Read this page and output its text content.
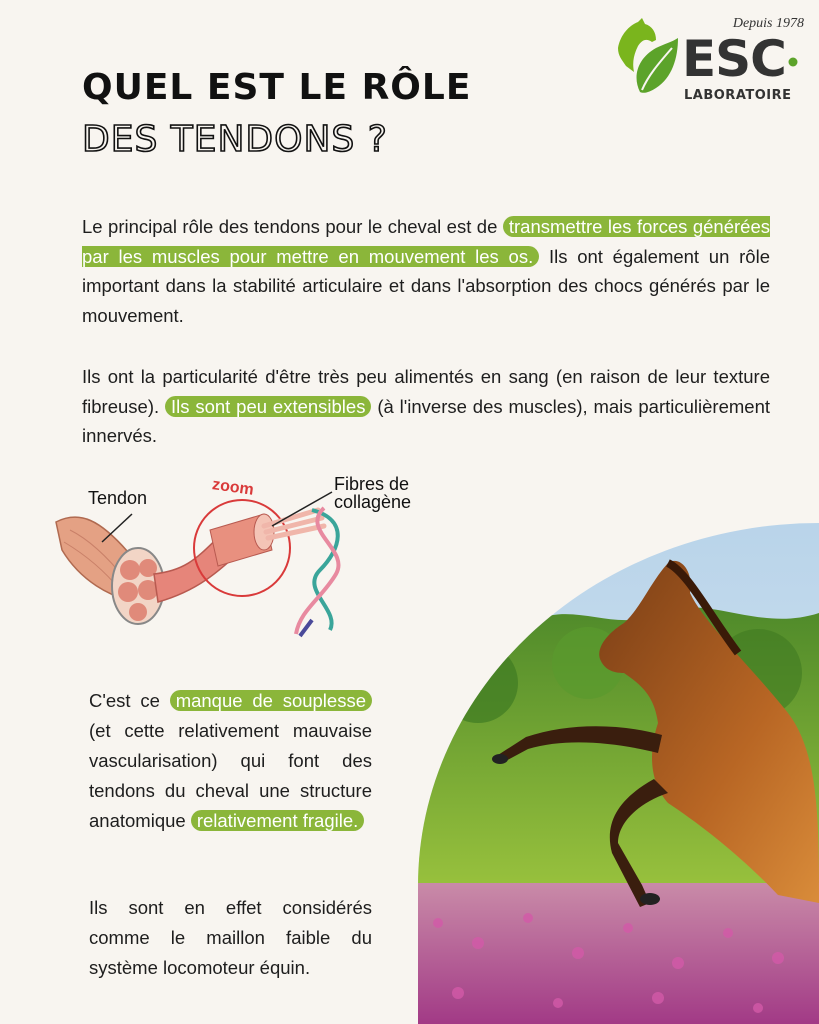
Depuis 1978
ESC
LABORATOIRE
QUEL EST LE RÔLE
DES TENDONS ?
Le principal rôle des tendons pour le cheval est de transmettre les forces générées par les muscles pour mettre en mouvement les os. Ils ont également un rôle important dans la stabilité articulaire et dans l'absorption des chocs générés par le mouvement.
Ils ont la particularité d'être très peu alimentés en sang (en raison de leur texture fibreuse). Ils sont peu extensibles (à l'inverse des muscles), mais particulièrement innervés.
Tendon	zoom	Fibres de
collagène
C'est ce manque de souplesse (et cette relativement mauvaise vascularisation) qui font des tendons du cheval une structure anatomique relativement fragile.
Ils sont en effet considérés comme le maillon faible du système locomoteur équin.
